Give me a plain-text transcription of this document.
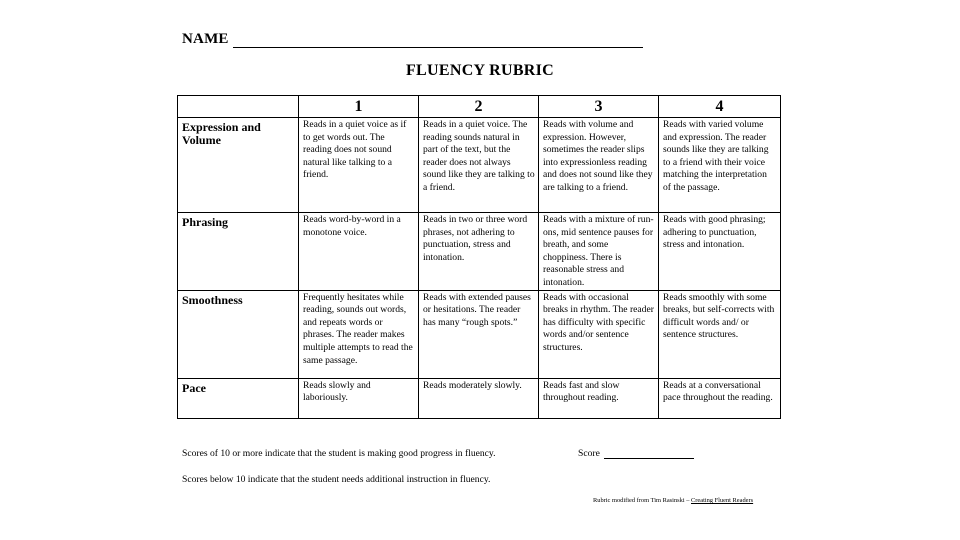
NAME
FLUENCY RUBRIC
	1	2	3	4
Expression and Volume	Reads in a quiet voice as if to get words out. The reading does not sound natural like talking to a friend.	Reads in a quiet voice. The reading sounds natural in part of the text, but the reader does not always sound like they are talking to a friend.	Reads with volume and expression. However, sometimes the reader slips into expressionless reading and does not sound like they are talking to a friend.	Reads with varied volume and expression. The reader sounds like they are talking to a friend with their voice matching the interpretation of the passage.
Phrasing	Reads word-by-word in a monotone voice.	Reads in two or three word phrases, not adhering to punctuation, stress and intonation.	Reads with a mixture of run-ons, mid sentence pauses for breath, and some choppiness. There is reasonable stress and intonation.	Reads with good phrasing; adhering to punctuation, stress and intonation.
Smoothness	Frequently hesitates while reading, sounds out words, and repeats words or phrases. The reader makes multiple attempts to read the same passage.	Reads with extended pauses or hesitations. The reader has many “rough spots.”	Reads with occasional breaks in rhythm. The reader has difficulty with specific words and/or sentence structures.	Reads smoothly with some breaks, but self-corrects with difficult words and/ or sentence structures.
Pace	Reads slowly and laboriously.	Reads moderately slowly.	Reads fast and slow throughout reading.	Reads at a conversational pace throughout the reading.
Scores of 10 or more indicate that the student is making good progress in fluency.	Score
Scores below 10 indicate that the student needs additional instruction in fluency.
Rubric modified from Tim Rasinski – Creating Fluent Readers
